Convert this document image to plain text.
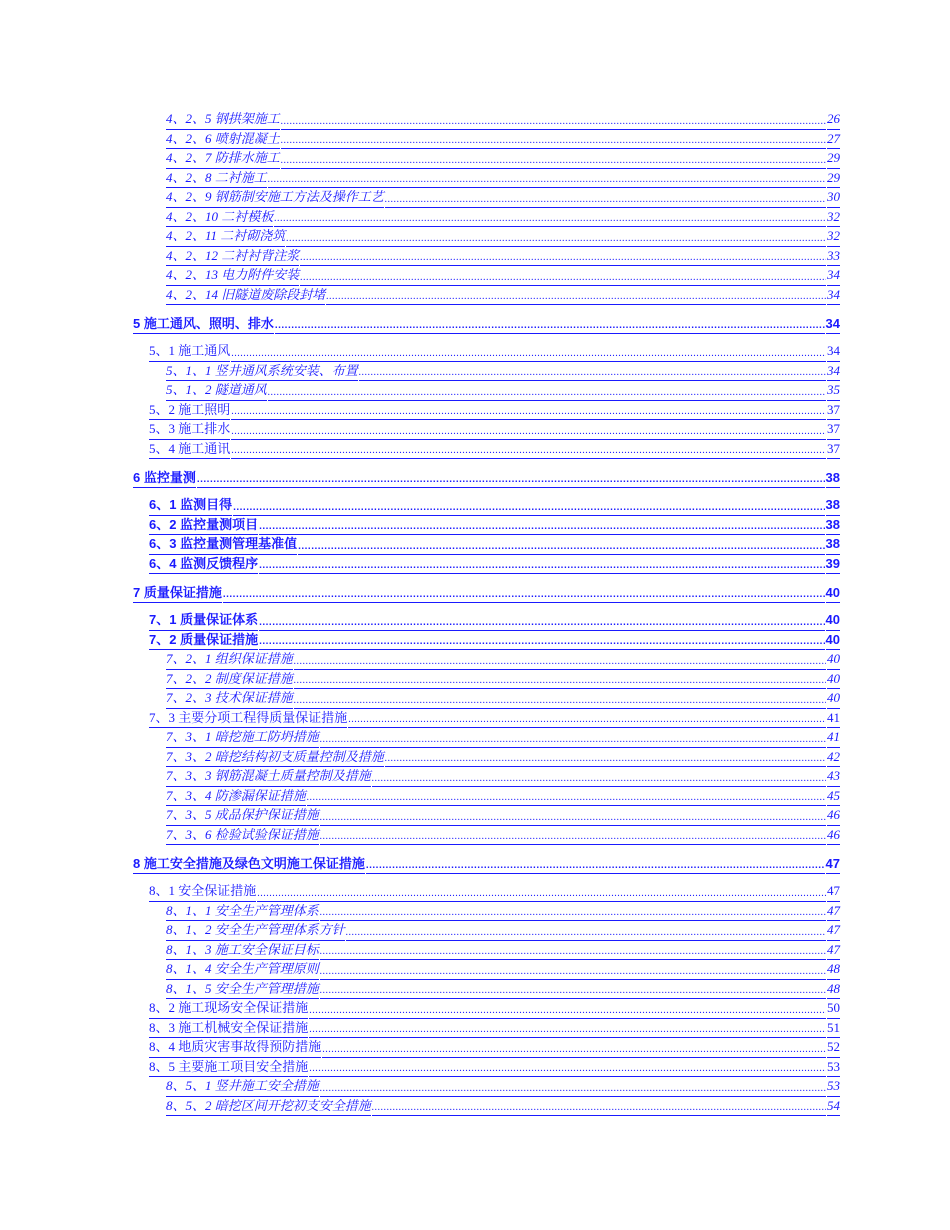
4、2、5 钢拱架施工 .....	26
4、2、6 喷射混凝土 .....	27
4、2、7 防排水施工 .....	29
4、2、8 二衬施工 .....	29
4、2、9 钢筋制安施工方法及操作工艺 .....	30
4、2、10 二衬模板 .....	32
4、2、11 二衬砌浇筑 .....	32
4、2、12 二衬衬背注浆 .....	33
4、2、13 电力附件安装 .....	34
4、2、14 旧隧道废除段封堵 .....	34
5 施工通风、照明、排水 .....	34
5、1 施工通风 .....	34
5、1、1 竖井通风系统安装、布置 .....	34
5、1、2 隧道通风 .....	35
5、2 施工照明 .....	37
5、3 施工排水 .....	37
5、4 施工通讯 .....	37
6 监控量测 .....	38
6、1 监测目得 .....	38
6、2 监控量测项目 .....	38
6、3 监控量测管理基准值 .....	38
6、4 监测反馈程序 .....	39
7 质量保证措施 .....	40
7、1 质量保证体系 .....	40
7、2 质量保证措施 .....	40
7、2、1 组织保证措施 .....	40
7、2、2 制度保证措施 .....	40
7、2、3 技术保证措施 .....	40
7、3 主要分项工程得质量保证措施 .....	41
7、3、1 暗挖施工防坍措施 .....	41
7、3、2 暗挖结构初支质量控制及措施 .....	42
7、3、3 钢筋混凝土质量控制及措施 .....	43
7、3、4 防渗漏保证措施 .....	45
7、3、5 成品保护保证措施 .....	46
7、3、6 检验试验保证措施 .....	46
8 施工安全措施及绿色文明施工保证措施 .....	47
8、1 安全保证措施 .....	47
8、1、1 安全生产管理体系 .....	47
8、1、2 安全生产管理体系方针 .....	47
8、1、3 施工安全保证目标 .....	47
8、1、4 安全生产管理原则 .....	48
8、1、5 安全生产管理措施 .....	48
8、2 施工现场安全保证措施 .....	50
8、3 施工机械安全保证措施 .....	51
8、4 地质灾害事故得预防措施 .....	52
8、5 主要施工项目安全措施 .....	53
8、5、1 竖井施工安全措施 .....	53
8、5、2 暗挖区间开挖初支安全措施 .....	54
